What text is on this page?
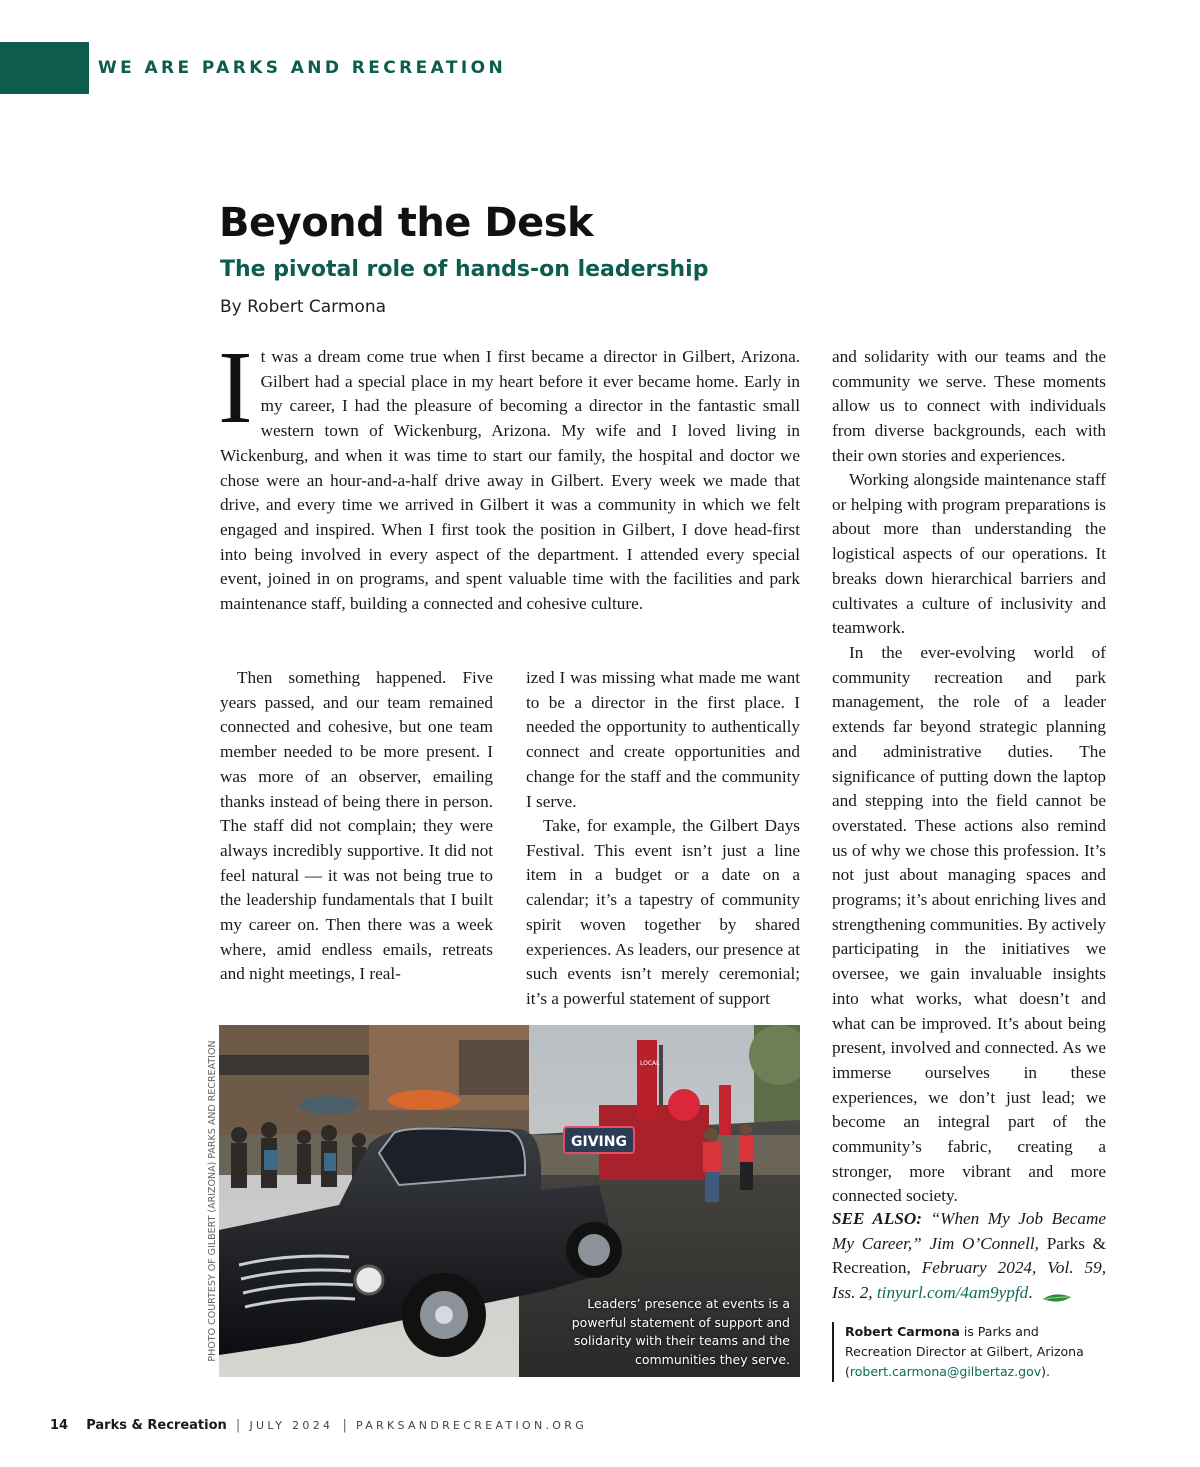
WE ARE PARKS AND RECREATION
Beyond the Desk
The pivotal role of hands-on leadership
By Robert Carmona

It was a dream come true when I first became a director in Gilbert, Arizona. Gilbert had a special place in my heart before it ever became home. Early in my career, I had the pleasure of becoming a director in the fantastic small western town of Wickenburg, Arizona. My wife and I loved living in Wickenburg, and when it was time to start our family, the hospital and doctor we chose were an hour-and-a-half drive away in Gilbert. Every week we made that drive, and every time we arrived in Gilbert it was a community in which we felt engaged and inspired. When I first took the position in Gilbert, I dove head-first into being involved in every aspect of the department. I attended every special event, joined in on programs, and spent valuable time with the facilities and park maintenance staff, building a connected and cohesive culture.

Then something happened. Five years passed, and our team remained connected and cohesive, but one team member needed to be more present. I was more of an observer, emailing thanks instead of being there in person. The staff did not complain; they were always incredibly supportive. It did not feel natural — it was not being true to the leadership fundamentals that I built my career on. Then there was a week where, amid endless emails, retreats and night meetings, I real-

ized I was missing what made me want to be a director in the first place. I needed the opportunity to authentically connect and create opportunities and change for the staff and the community I serve.

Take, for example, the Gilbert Days Festival. This event isn’t just a line item in a budget or a date on a calendar; it’s a tapestry of community spirit woven together by shared experiences. As leaders, our presence at such events isn’t merely ceremonial; it’s a powerful statement of support

and solidarity with our teams and the community we serve. These moments allow us to connect with individuals from diverse backgrounds, each with their own stories and experiences.

Working alongside maintenance staff or helping with program preparations is about more than understanding the logistical aspects of our operations. It breaks down hierarchical barriers and cultivates a culture of inclusivity and teamwork.

In the ever-evolving world of community recreation and park management, the role of a leader extends far beyond strategic planning and administrative duties. The significance of putting down the laptop and stepping into the field cannot be overstated. These actions also remind us of why we chose this profession. It’s not just about managing spaces and programs; it’s about enriching lives and strengthening communities. By actively participating in the initiatives we oversee, we gain invaluable insights into what works, what doesn’t and what can be improved. It’s about being present, involved and connected. As we immerse ourselves in these experiences, we don’t just lead; we become an integral part of the community’s fabric, creating a stronger, more vibrant and more connected society.

LOCAL
GIVING
Leaders’ presence at events is a powerful statement of support and solidarity with their teams and the communities they serve.
PHOTO COURTESY OF GILBERT (ARIZONA) PARKS AND RECREATION	SEE ALSO: “When My Job Became My Career,” Jim O’Connell, Parks & Recreation, February 2024, Vol. 59, Iss. 2, tinyurl.com/4am9ypfd.

Robert Carmona is Parks and Recreation Director at Gilbert, Arizona (robert.carmona@gilbertaz.gov).
14 Parks & Recreation | JULY 2024 | PARKSANDRECREATION.ORG
